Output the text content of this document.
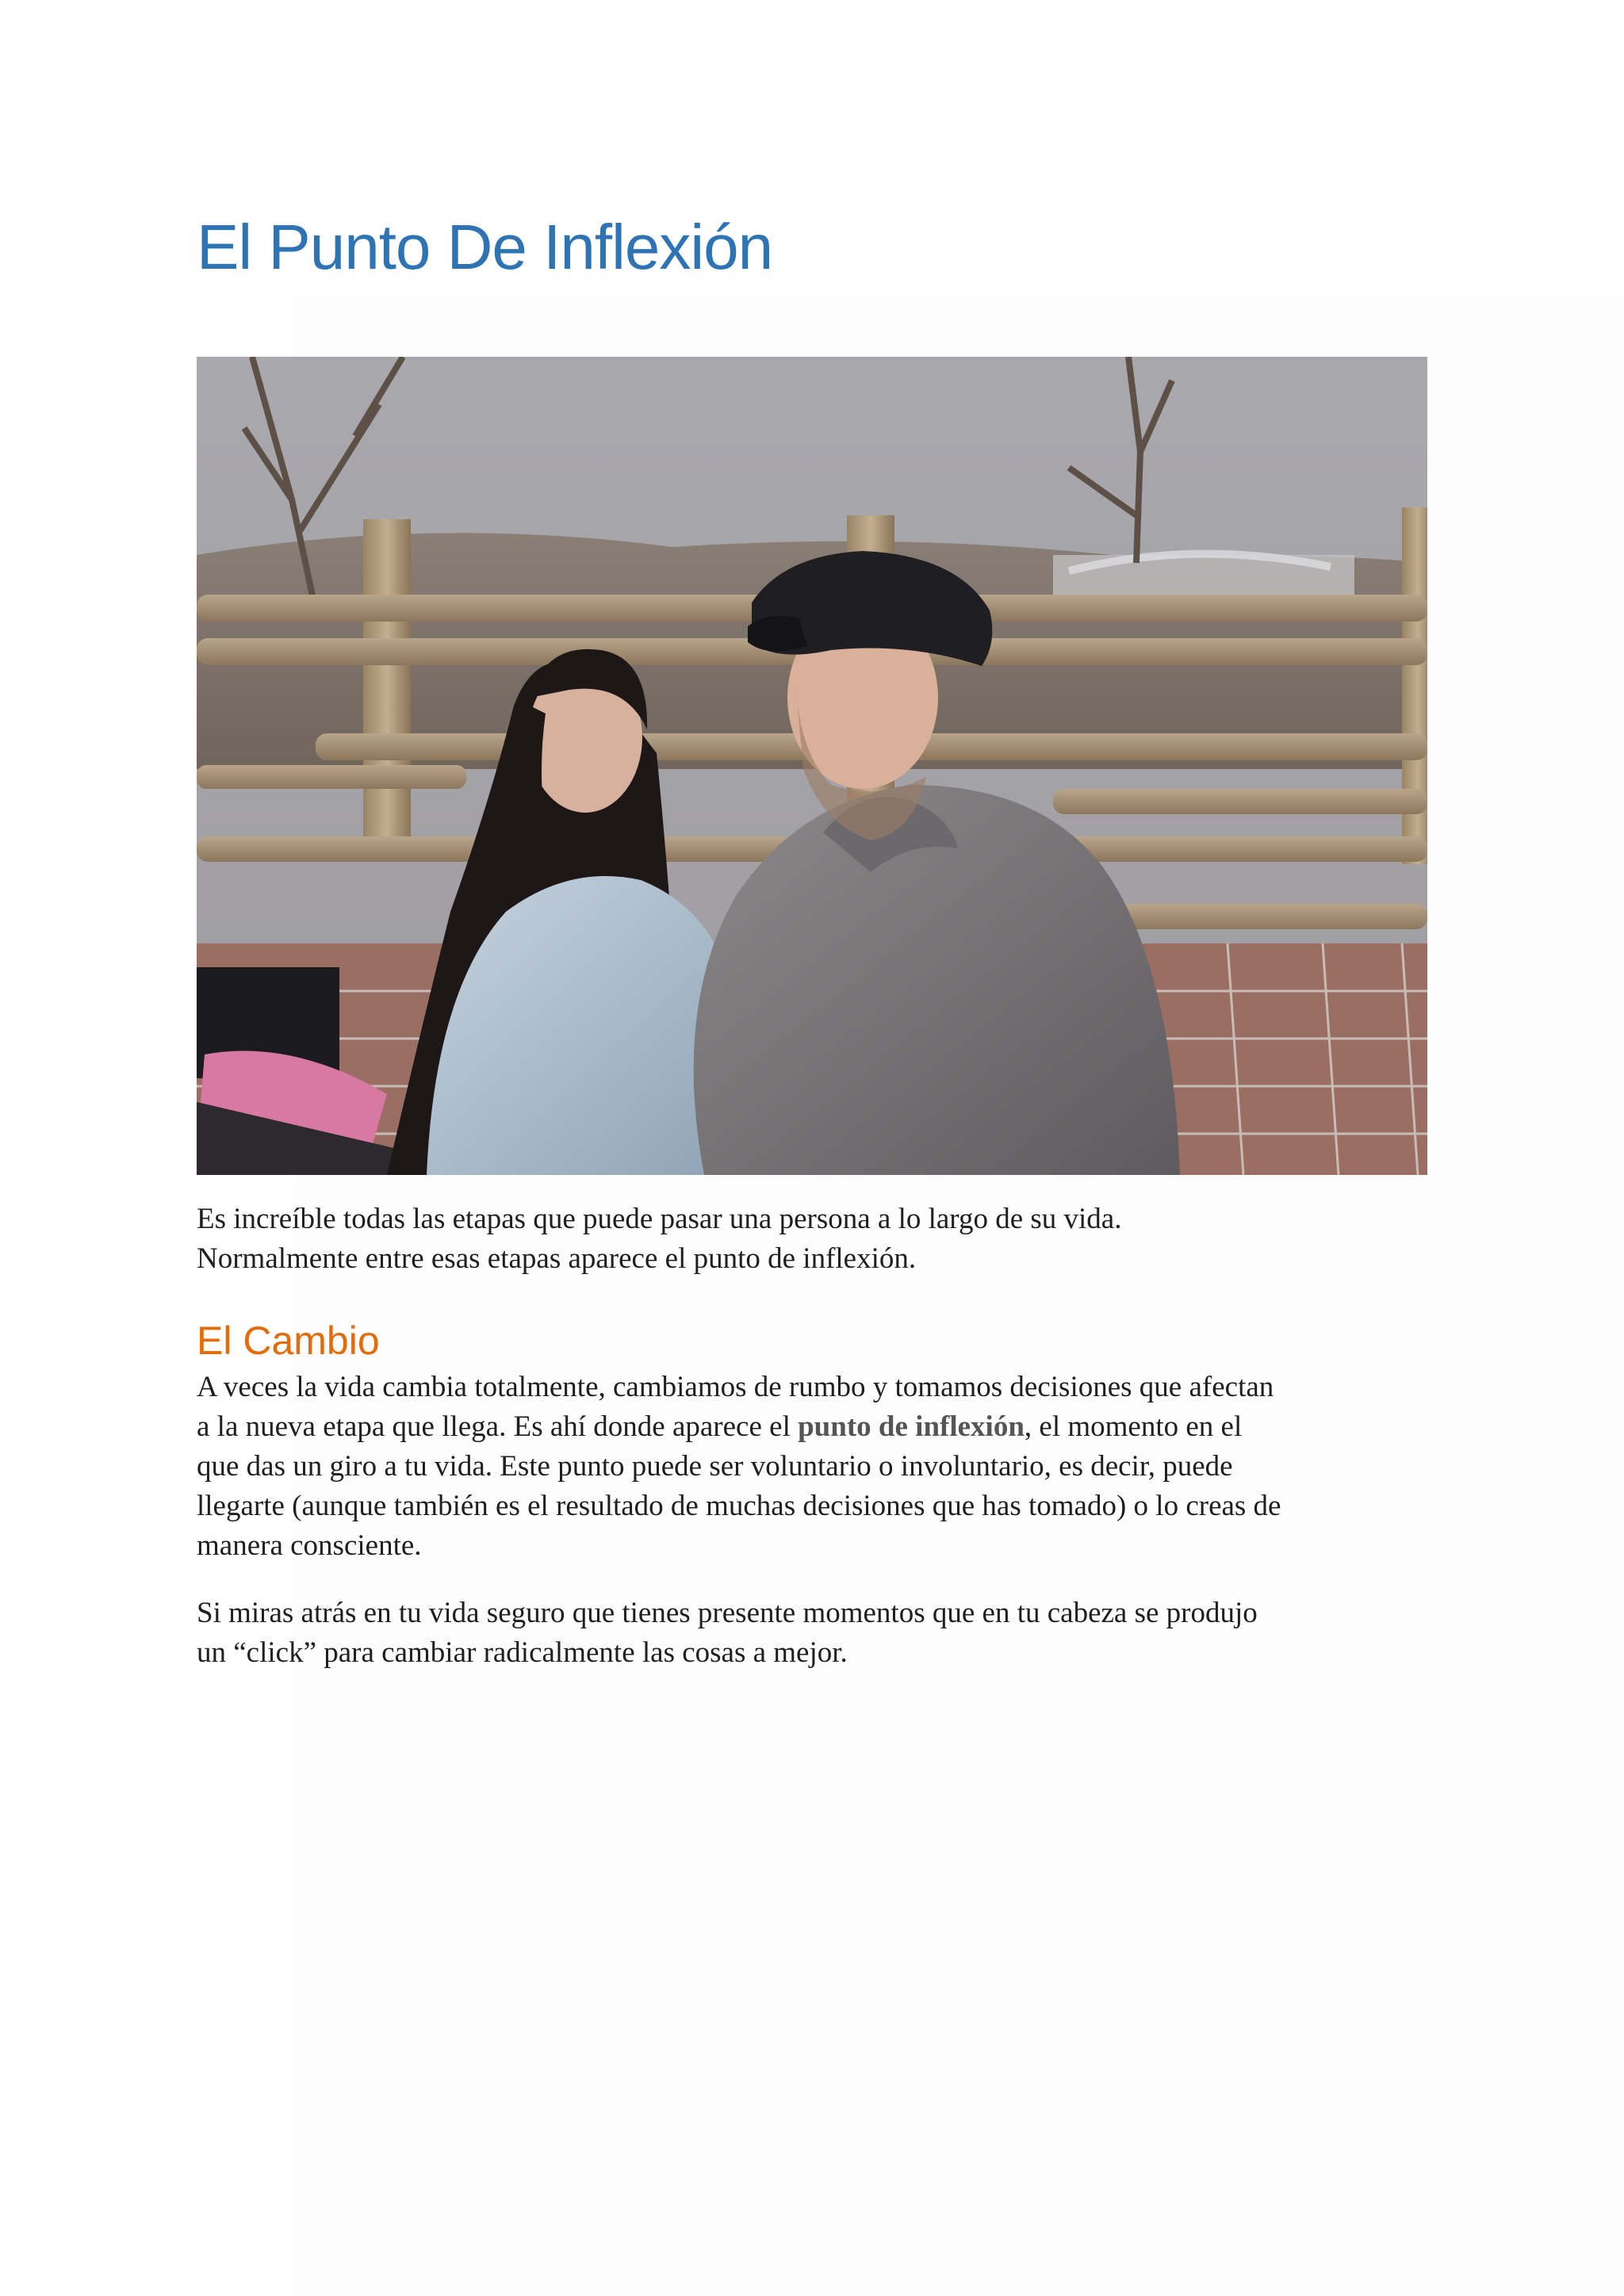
El Punto De Inflexión
Es increíble todas las etapas que puede pasar una persona a lo largo de su vida.
Normalmente entre esas etapas aparece el punto de inflexión.
El Cambio
A veces la vida cambia totalmente, cambiamos de rumbo y tomamos decisiones que afectan
a la nueva etapa que llega. Es ahí donde aparece el punto de inflexión, el momento en el
que das un giro a tu vida. Este punto puede ser voluntario o involuntario, es decir, puede
llegarte (aunque también es el resultado de muchas decisiones que has tomado) o lo creas de
manera consciente.
Si miras atrás en tu vida seguro que tienes presente momentos que en tu cabeza se produjo
un “click” para cambiar radicalmente las cosas a mejor.
